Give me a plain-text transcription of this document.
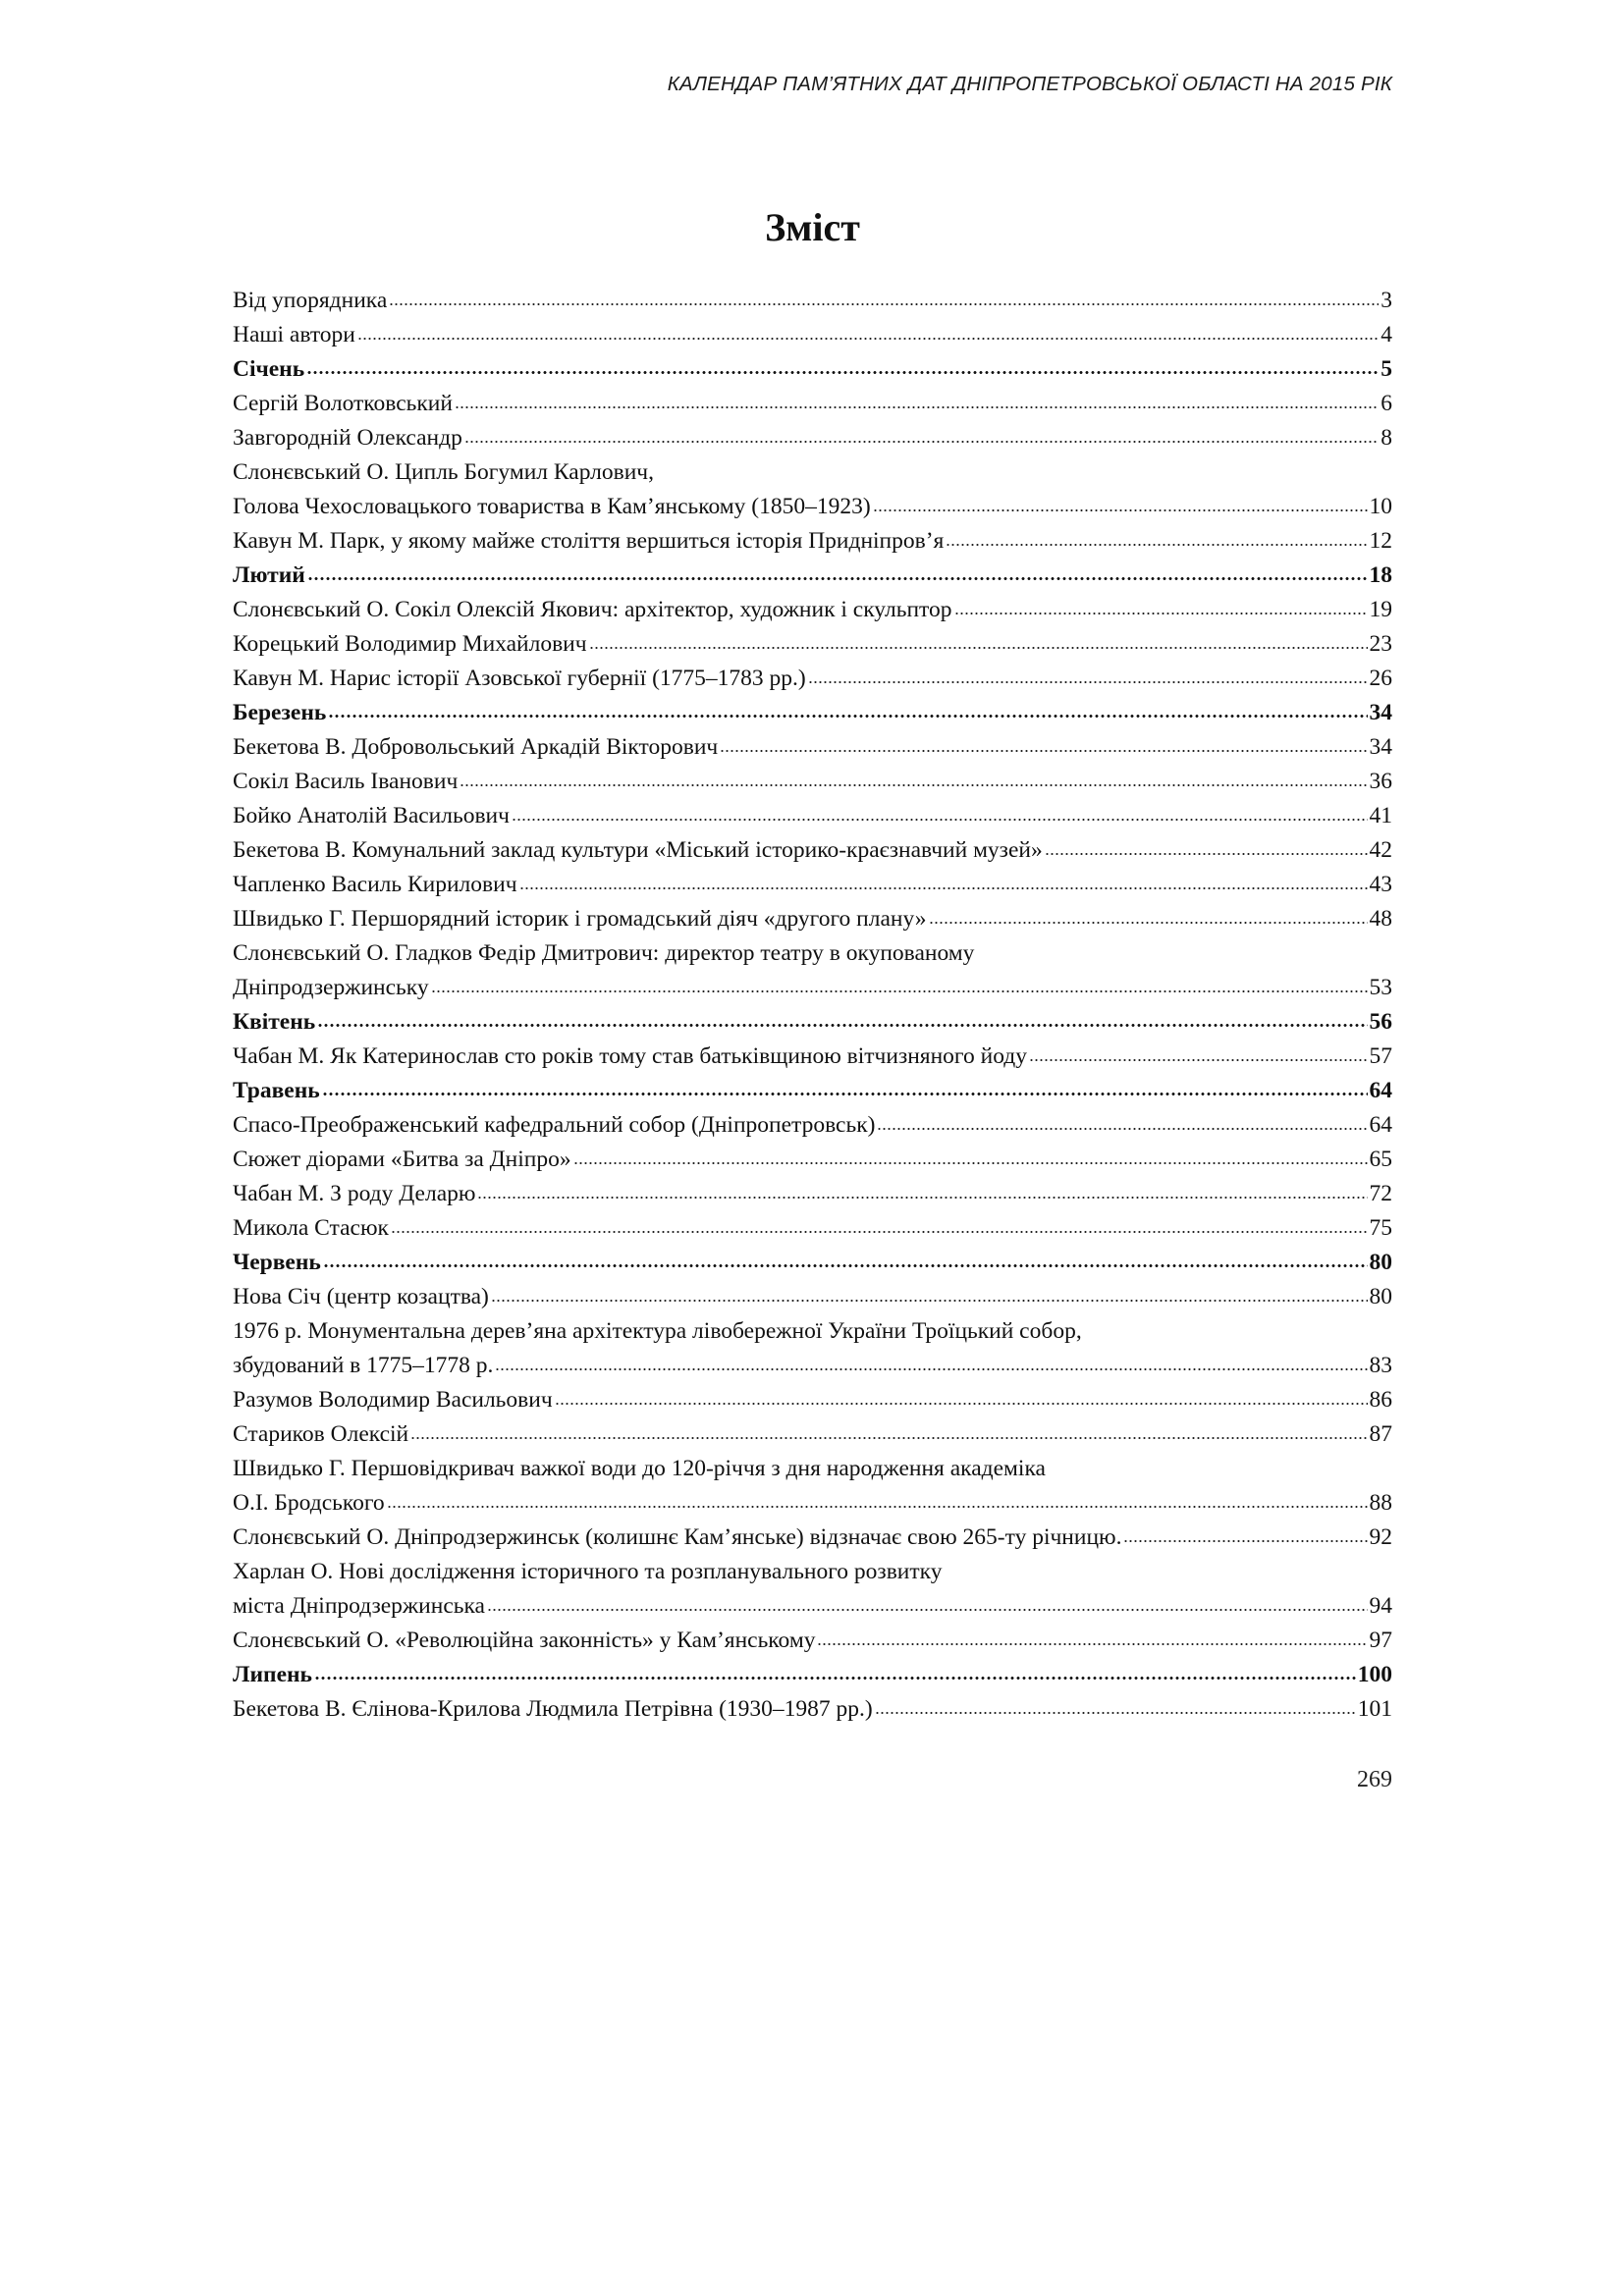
КАЛЕНДАР ПАМ’ЯТНИХ ДАТ ДНІПРОПЕТРОВСЬКОЇ ОБЛАСТІ НА 2015 РІК
Зміст
Від упорядника	3
Наші автори	4
Січень	5
Сергій Волотковський	6
Завгородній Олександр	8
Слонєвський О. Ципль Богумил Карлович,
Голова Чехословацького товариства в Кам’янському (1850–1923)	10
Кавун М. Парк, у якому майже століття вершиться історія Придніпров’я	12
Лютий	18
Слонєвський О. Сокіл Олексій Якович: архітектор, художник і скульптор	19
Корецький Володимир Михайлович	23
Кавун М. Нарис історії Азовської губернії (1775–1783 рр.)	26
Березень	34
Бекетова В. Добровольський Аркадій Вікторович	34
Сокіл Василь Іванович	36
Бойко Анатолій Васильович	41
Бекетова В. Комунальний заклад культури «Міський історико-краєзнавчий музей»	42
Чапленко Василь Кирилович	43
Швидько Г. Першорядний історик і громадський діяч «другого плану»	48
Слонєвський О. Гладков Федір Дмитрович: директор театру в окупованому
Дніпродзержинську	53
Квітень	56
Чабан М. Як Катеринослав сто років тому став батьківщиною вітчизняного йоду	57
Травень	64
Спасо-Преображенський кафедральний собор (Дніпропетровськ)	64
Сюжет діорами «Битва за Дніпро»	65
Чабан М. З роду Деларю	72
Микола Стасюк	75
Червень	80
Нова Січ (центр козацтва)	80
1976 р. Монументальна дерев’яна архітектура лівобережної України Троїцький собор,
збудований в 1775–1778 р.	83
Разумов Володимир Васильович	86
Стариков Олексій	87
Швидько Г. Першовідкривач важкої води до 120-річчя з дня народження академіка
О.І. Бродського	88
Слонєвський О. Дніпродзержинськ (колишнє Кам’янське) відзначає свою 265-ту річницю.	92
Харлан О. Нові дослідження історичного та розпланувального розвитку
міста Дніпродзержинська	94
Слонєвський О. «Революційна законність» у Кам’янському	97
Липень	100
Бекетова В. Єлінова-Крилова Людмила Петрівна (1930–1987 рр.)	101
269
